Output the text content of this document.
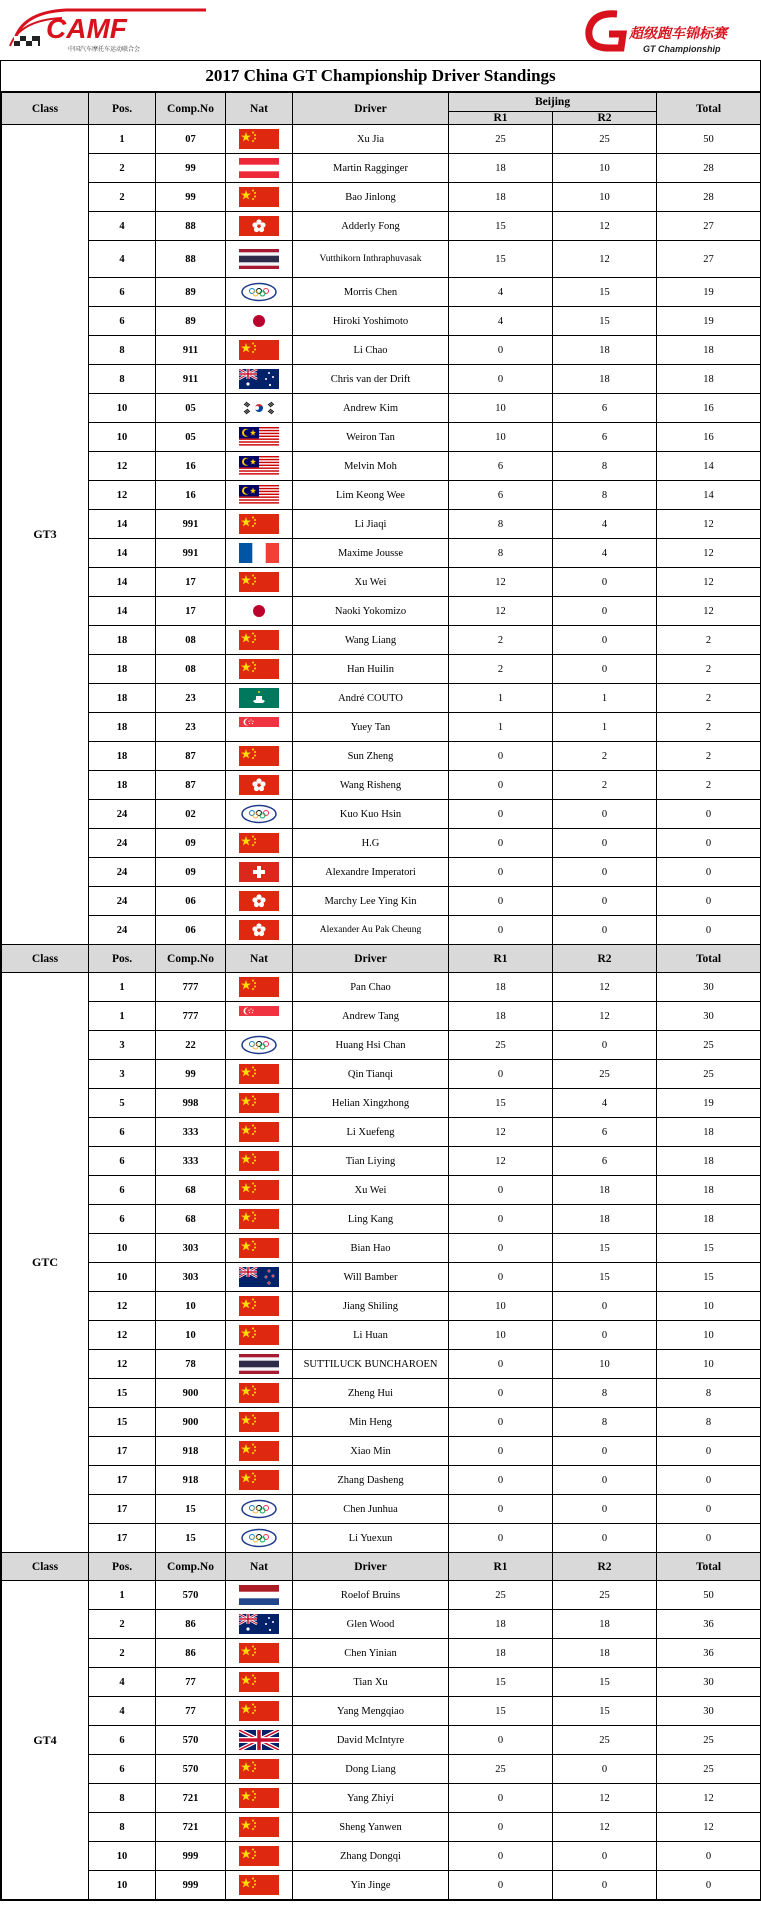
CAMF
中国汽车摩托车运动联合会
超级跑车锦标赛
GT Championship
2017 China GT Championship Driver Standings
Class	Pos.	Comp.No	Nat	Driver	Beijing		Total
					R1	R2	
GT3	1	07		Xu Jia	25	25	50
	2	99		Martin Ragginger	18	10	28
	2	99		Bao Jinlong	18	10	28
	4	88		Adderly Fong	15	12	27
	4	88		Vutthikorn Inthraphuvasak	15	12	27
	6	89		Morris Chen	4	15	19
	6	89		Hiroki Yoshimoto	4	15	19
	8	911		Li Chao	0	18	18
	8	911		Chris van der Drift	0	18	18
	10	05		Andrew Kim	10	6	16
	10	05		Weiron Tan	10	6	16
	12	16		Melvin Moh	6	8	14
	12	16		Lim Keong Wee	6	8	14
	14	991		Li Jiaqi	8	4	12
	14	991		Maxime Jousse	8	4	12
	14	17		Xu Wei	12	0	12
	14	17		Naoki Yokomizo	12	0	12
	18	08		Wang Liang	2	0	2
	18	08		Han Huilin	2	0	2
	18	23		André COUTO	1	1	2
	18	23		Yuey Tan	1	1	2
	18	87		Sun Zheng	0	2	2
	18	87		Wang Risheng	0	2	2
	24	02		Kuo Kuo Hsin	0	0	0
	24	09		H.G	0	0	0
	24	09		Alexandre Imperatori	0	0	0
	24	06		Marchy Lee Ying Kin	0	0	0
	24	06		Alexander Au Pak Cheung	0	0	0
Class	Pos.	Comp.No	Nat	Driver	R1	R2	Total
GTC	1	777		Pan Chao	18	12	30
	1	777		Andrew Tang	18	12	30
	3	22		Huang Hsi Chan	25	0	25
	3	99		Qin Tianqi	0	25	25
	5	998		Helian Xingzhong	15	4	19
	6	333		Li Xuefeng	12	6	18
	6	333		Tian Liying	12	6	18
	6	68		Xu Wei	0	18	18
	6	68		Ling Kang	0	18	18
	10	303		Bian Hao	0	15	15
	10	303		Will Bamber	0	15	15
	12	10		Jiang Shiling	10	0	10
	12	10		Li Huan	10	0	10
	12	78		SUTTILUCK BUNCHAROEN	0	10	10
	15	900		Zheng Hui	0	8	8
	15	900		Min Heng	0	8	8
	17	918		Xiao Min	0	0	0
	17	918		Zhang Dasheng	0	0	0
	17	15		Chen Junhua	0	0	0
	17	15		Li Yuexun	0	0	0
Class	Pos.	Comp.No	Nat	Driver	R1	R2	Total
GT4	1	570		Roelof Bruins	25	25	50
	2	86		Glen Wood	18	18	36
	2	86		Chen Yinian	18	18	36
	4	77		Tian Xu	15	15	30
	4	77		Yang Mengqiao	15	15	30
	6	570		David McIntyre	0	25	25
	6	570		Dong Liang	25	0	25
	8	721		Yang Zhiyi	0	12	12
	8	721		Sheng Yanwen	0	12	12
	10	999		Zhang Dongqi	0	0	0
	10	999		Yin Jinge	0	0	0
